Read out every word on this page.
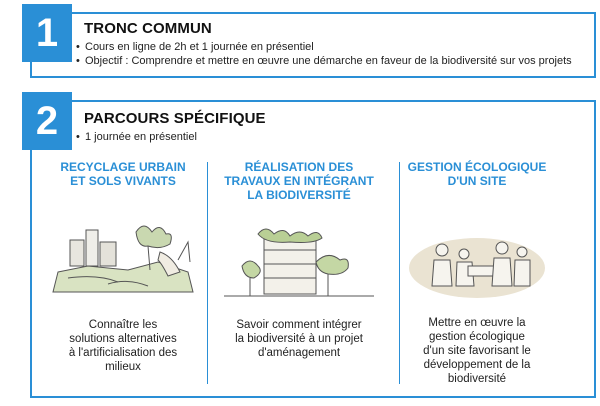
1	TRONC COMMUN
• Cours en ligne de 2h et 1 journée en présentiel
• Objectif : Comprendre et mettre en œuvre une démarche en faveur de la biodiversité sur vos projets
2	PARCOURS SPÉCIFIQUE
• 1 journée en présentiel
RECYCLAGE URBAIN
ET SOLS VIVANTS
Connaître les
solutions alternatives
à l'artificialisation des
milieux
RÉALISATION DES
TRAVAUX EN INTÉGRANT
LA BIODIVERSITÉ
Savoir comment intégrer
la biodiversité à un projet
d'aménagement
GESTION ÉCOLOGIQUE
D'UN SITE
Mettre en œuvre la
gestion écologique
d'un site favorisant le
développement de la
biodiversité
